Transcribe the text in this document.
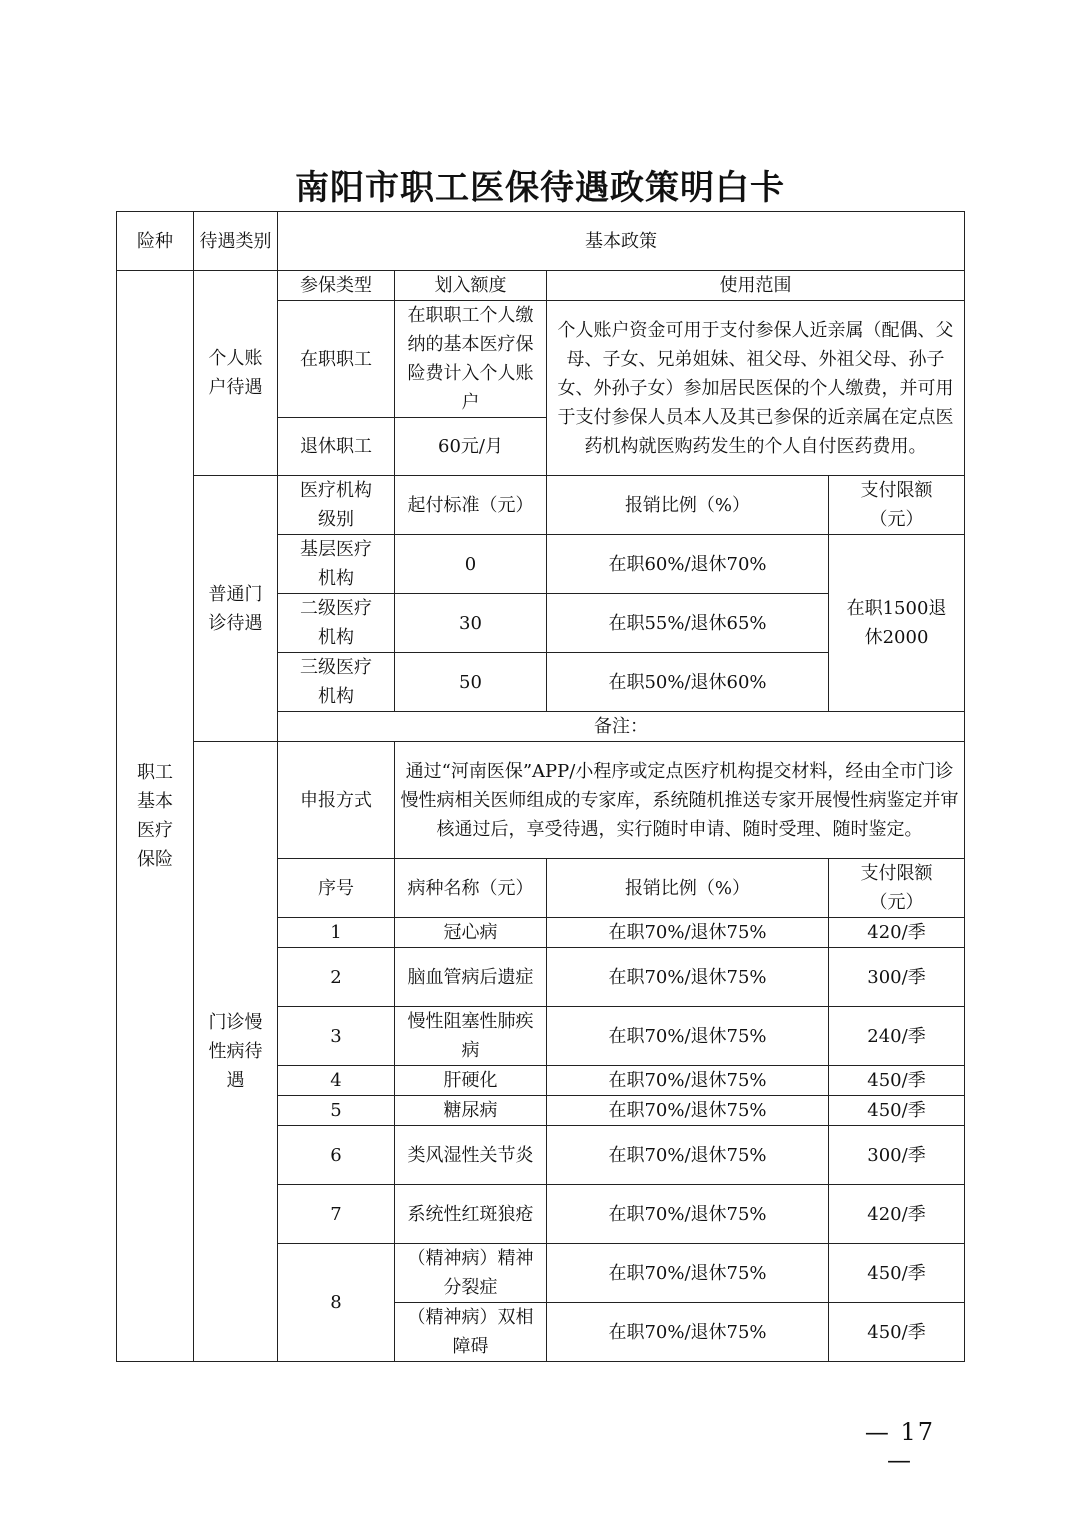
南阳市职工医保待遇政策明白卡
险种	待遇类别	基本政策			
职工基本医疗保险	个人账户待遇	参保类型	划入额度	使用范围	
		在职职工	在职职工个人缴纳的基本医疗保险费计入个人账户	个人账户资金可用于支付参保人近亲属（配偶、父母、子女、兄弟姐妹、祖父母、外祖父母、孙子女、外孙子女）参加居民医保的个人缴费，并可用于支付参保人员本人及其已参保的近亲属在定点医药机构就医购药发生的个人自付医药费用。	
		退休职工	60元/月		
	普通门诊待遇	医疗机构级别	起付标准（元）	报销比例（%）	支付限额（元）
		基层医疗机构	0	在职60%/退休70%	在职1500退休2000
		二级医疗机构	30	在职55%/退休65%	
		三级医疗机构	50	在职50%/退休60%	
		备注：			
	门诊慢性病待遇	申报方式	通过“河南医保”APP/小程序或定点医疗机构提交材料，经由全市门诊慢性病相关医师组成的专家库，系统随机推送专家开展慢性病鉴定并审核通过后，享受待遇，实行随时申请、随时受理、随时鉴定。		
		序号	病种名称（元）	报销比例（%）	支付限额（元）
		1	冠心病	在职70%/退休75%	420/季
		2	脑血管病后遗症	在职70%/退休75%	300/季
		3	慢性阻塞性肺疾病	在职70%/退休75%	240/季
		4	肝硬化	在职70%/退休75%	450/季
		5	糖尿病	在职70%/退休75%	450/季
		6	类风湿性关节炎	在职70%/退休75%	300/季
		7	系统性红斑狼疮	在职70%/退休75%	420/季
		8	（精神病）精神分裂症	在职70%/退休75%	450/季
			（精神病）双相障碍	在职70%/退休75%	450/季
— 17 —
